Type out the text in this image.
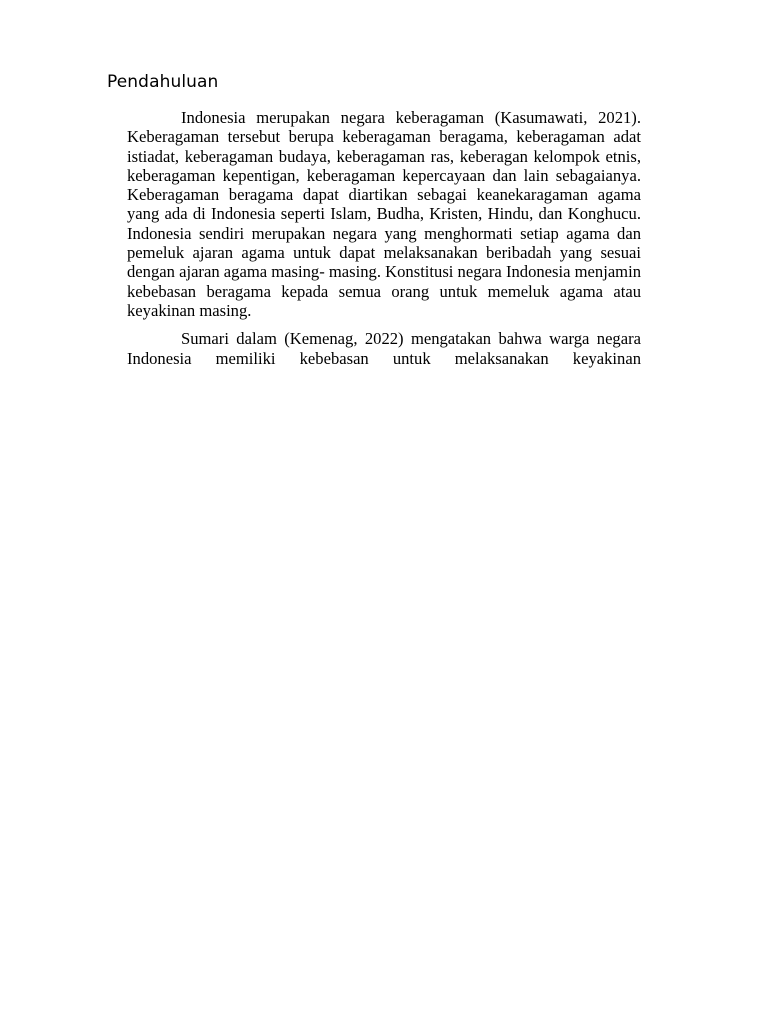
Pendahuluan

Indonesia merupakan negara keberagaman (Kasumawati, 2021). Keberagaman tersebut berupa keberagaman beragama, keberagaman adat istiadat, keberagaman budaya, keberagaman ras, keberagan kelompok etnis, keberagaman kepentigan, keberagaman kepercayaan dan lain sebagaianya. Keberagaman beragama dapat diartikan sebagai keanekaragaman agama yang ada di Indonesia seperti Islam, Budha, Kristen, Hindu, dan Konghucu. Indonesia sendiri merupakan negara yang menghormati setiap agama dan pemeluk ajaran agama untuk dapat melaksanakan beribadah yang sesuai dengan ajaran agama masing- masing. Konstitusi negara Indonesia menjamin kebebasan beragama kepada semua orang untuk memeluk agama atau keyakinan masing.

Sumari dalam (Kemenag, 2022) mengatakan bahwa warga negara Indonesia memiliki kebebasan untuk melaksanakan keyakinan
